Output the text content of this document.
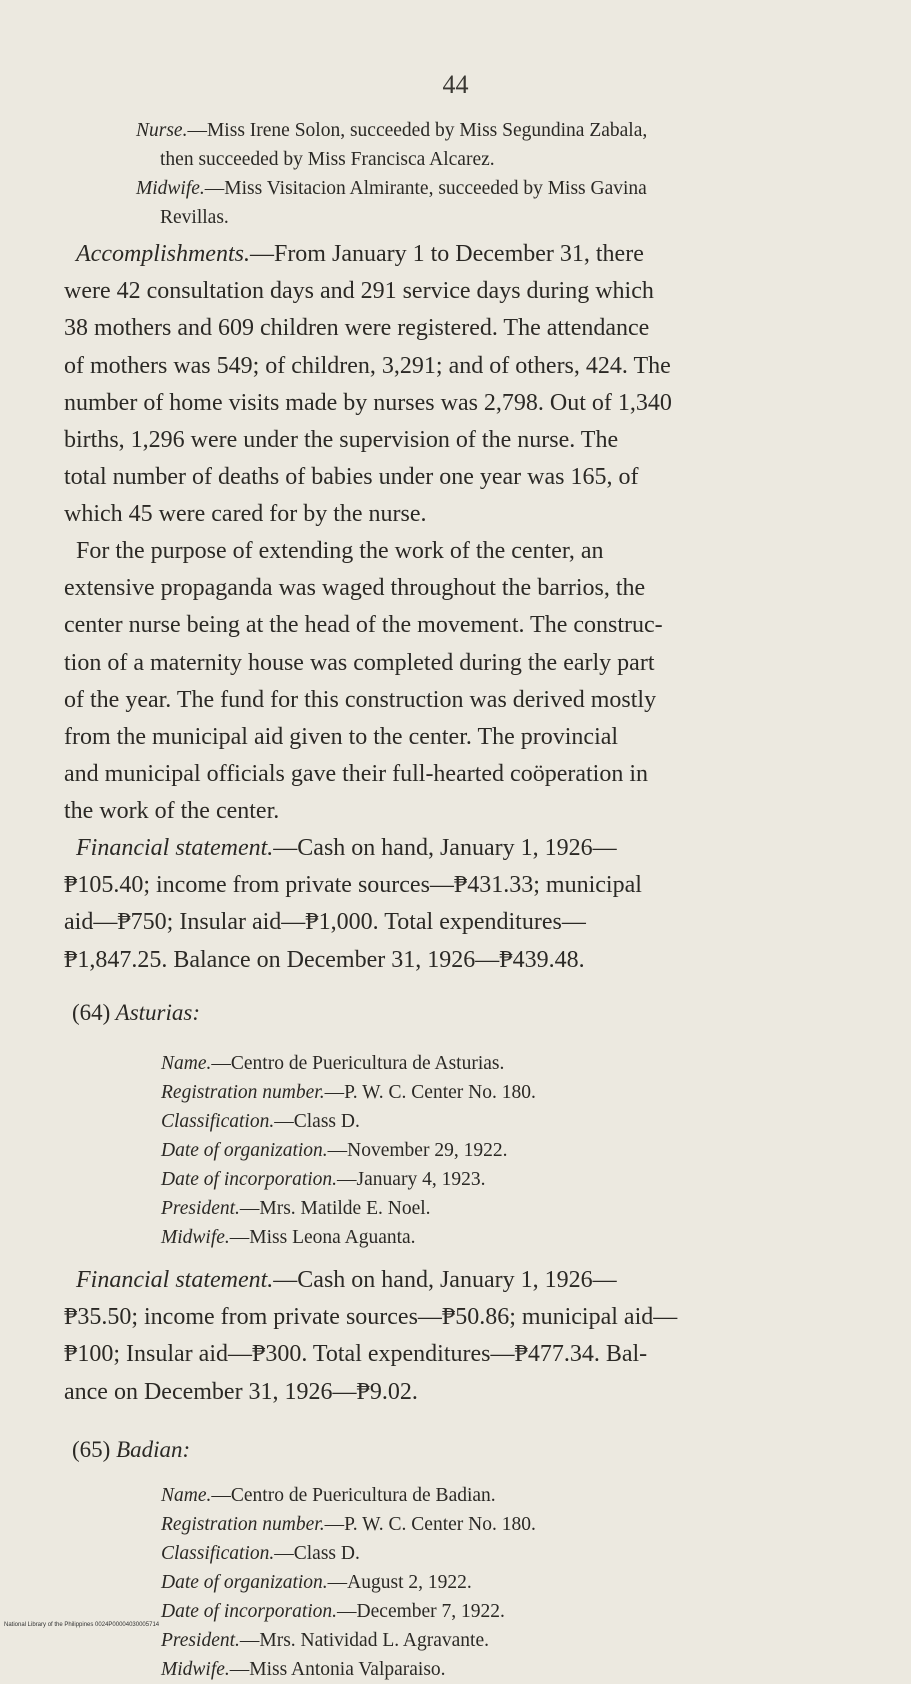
44
Nurse.—Miss Irene Solon, succeeded by Miss Segundina Zabala,
then succeeded by Miss Francisca Alcarez.
Midwife.—Miss Visitacion Almirante, succeeded by Miss Gavina
Revillas.
Accomplishments.—From January 1 to December 31, there
were 42 consultation days and 291 service days during which
38 mothers and 609 children were registered. The attendance
of mothers was 549; of children, 3,291; and of others, 424. The
number of home visits made by nurses was 2,798. Out of 1,340
births, 1,296 were under the supervision of the nurse. The
total number of deaths of babies under one year was 165, of
which 45 were cared for by the nurse.
For the purpose of extending the work of the center, an
extensive propaganda was waged throughout the barrios, the
center nurse being at the head of the movement. The construc-
tion of a maternity house was completed during the early part
of the year. The fund for this construction was derived mostly
from the municipal aid given to the center. The provincial
and municipal officials gave their full-hearted coöperation in
the work of the center.
Financial statement.—Cash on hand, January 1, 1926—
₱105.40; income from private sources—₱431.33; municipal
aid—₱750; Insular aid—₱1,000. Total expenditures—
₱1,847.25. Balance on December 31, 1926—₱439.48.
(64) Asturias:
Name.—Centro de Puericultura de Asturias.
Registration number.—P. W. C. Center No. 180.
Classification.—Class D.
Date of organization.—November 29, 1922.
Date of incorporation.—January 4, 1923.
President.—Mrs. Matilde E. Noel.
Midwife.—Miss Leona Aguanta.
Financial statement.—Cash on hand, January 1, 1926—
₱35.50; income from private sources—₱50.86; municipal aid—
₱100; Insular aid—₱300. Total expenditures—₱477.34. Bal-
ance on December 31, 1926—₱9.02.
(65) Badian:
Name.—Centro de Puericultura de Badian.
Registration number.—P. W. C. Center No. 180.
Classification.—Class D.
Date of organization.—August 2, 1922.
Date of incorporation.—December 7, 1922.
President.—Mrs. Natividad L. Agravante.
Midwife.—Miss Antonia Valparaiso.
National Library of the Philippines 0024P00004030005714
